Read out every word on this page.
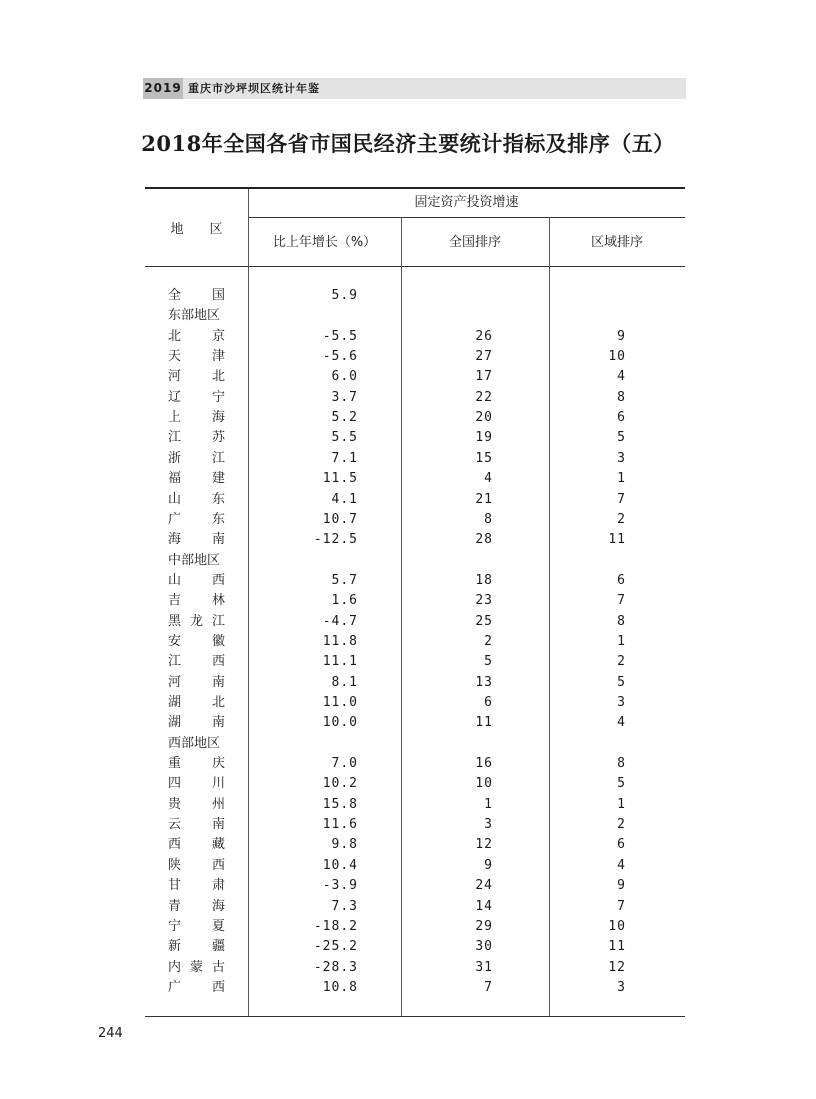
2019 重庆市沙坪坝区统计年鉴
2018年全国各省市国民经济主要统计指标及排序（五）
地　　区
固定资产投资增速
比上年增长（%）	全国排序	区域排序
全　　国	5.9
东部地区
北　　京	-5.5	26	9
天　　津	-5.6	27	10
河　　北	6.0	17	4
辽　　宁	3.7	22	8
上　　海	5.2	20	6
江　　苏	5.5	19	5
浙　　江	7.1	15	3
福　　建	11.5	4	1
山　　东	4.1	21	7
广　　东	10.7	8	2
海　　南	-12.5	28	11
中部地区
山　　西	5.7	18	6
吉　　林	1.6	23	7
黑 龙 江	-4.7	25	8
安　　徽	11.8	2	1
江　　西	11.1	5	2
河　　南	8.1	13	5
湖　　北	11.0	6	3
湖　　南	10.0	11	4
西部地区
重　　庆	7.0	16	8
四　　川	10.2	10	5
贵　　州	15.8	1	1
云　　南	11.6	3	2
西　　藏	9.8	12	6
陕　　西	10.4	9	4
甘　　肃	-3.9	24	9
青　　海	7.3	14	7
宁　　夏	-18.2	29	10
新　　疆	-25.2	30	11
内 蒙 古	-28.3	31	12
广　　西	10.8	7	3
244
